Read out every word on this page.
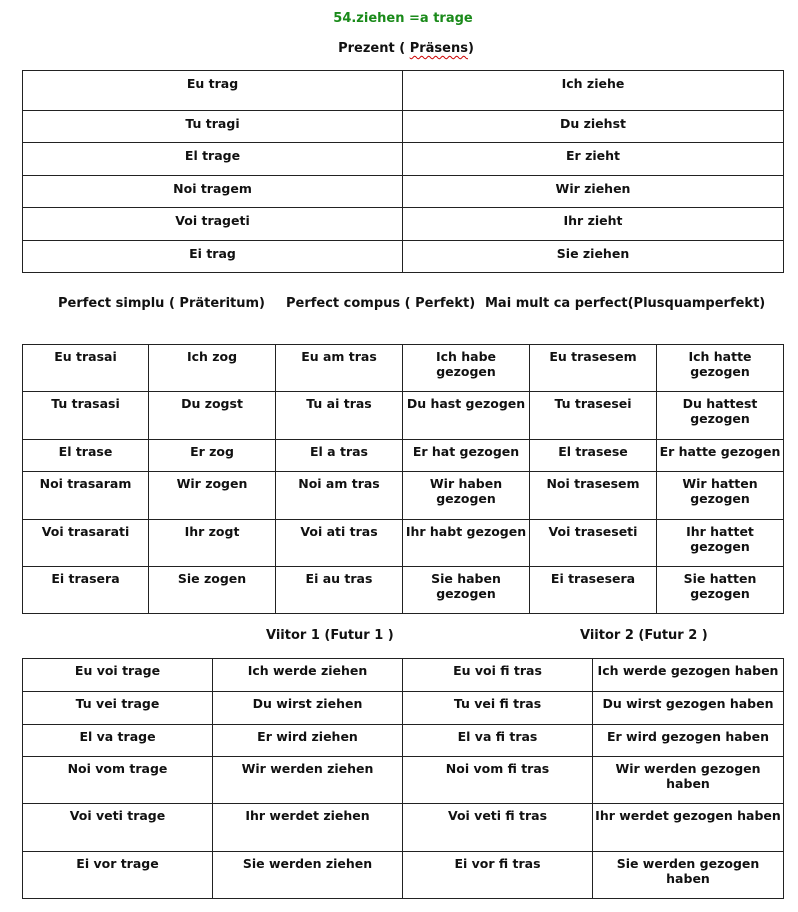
54.ziehen =a trage
Prezent ( Präsens)
Eu trag	Ich ziehe
Tu tragi	Du ziehst
El trage	Er zieht
Noi tragem	Wir ziehen
Voi trageti	Ihr zieht
Ei trag	Sie ziehen
Perfect simplu ( Präteritum) Perfect compus ( Perfekt) Mai mult ca perfect(Plusquamperfekt)
Eu trasai	Ich zog	Eu am tras	Ich habe gezogen	Eu trasesem	Ich hatte gezogen
Tu trasasi	Du zogst	Tu ai tras	Du hast gezogen	Tu traseseі	Du hattest gezogen
El trase	Er zog	El a tras	Er hat gezogen	El trasese	Er hatte gezogen
Noi trasaram	Wir zogen	Noi am tras	Wir haben gezogen	Noi trasesem	Wir hatten gezogen
Voi trasarati	Ihr zogt	Voi ati tras	Ihr habt gezogen	Voi traseseti	Ihr hattet gezogen
Ei trasera	Sie zogen	Ei au tras	Sie haben gezogen	Ei trasesera	Sie hatten gezogen
Viitor 1 (Futur 1 )	Viitor 2 (Futur 2 )
Eu voi trage	Ich werde ziehen	Eu voi fi tras	Ich werde gezogen haben
Tu vei trage	Du wirst ziehen	Tu vei fi tras	Du wirst gezogen haben
El va trage	Er wird ziehen	El va fi tras	Er wird gezogen haben
Noi vom trage	Wir werden ziehen	Noi vom fi tras	Wir werden gezogen haben
Voi veti trage	Ihr werdet ziehen	Voi veti fi tras	Ihr werdet gezogen haben
Ei vor trage	Sie werden ziehen	Ei vor fi tras	Sie werden gezogen haben
